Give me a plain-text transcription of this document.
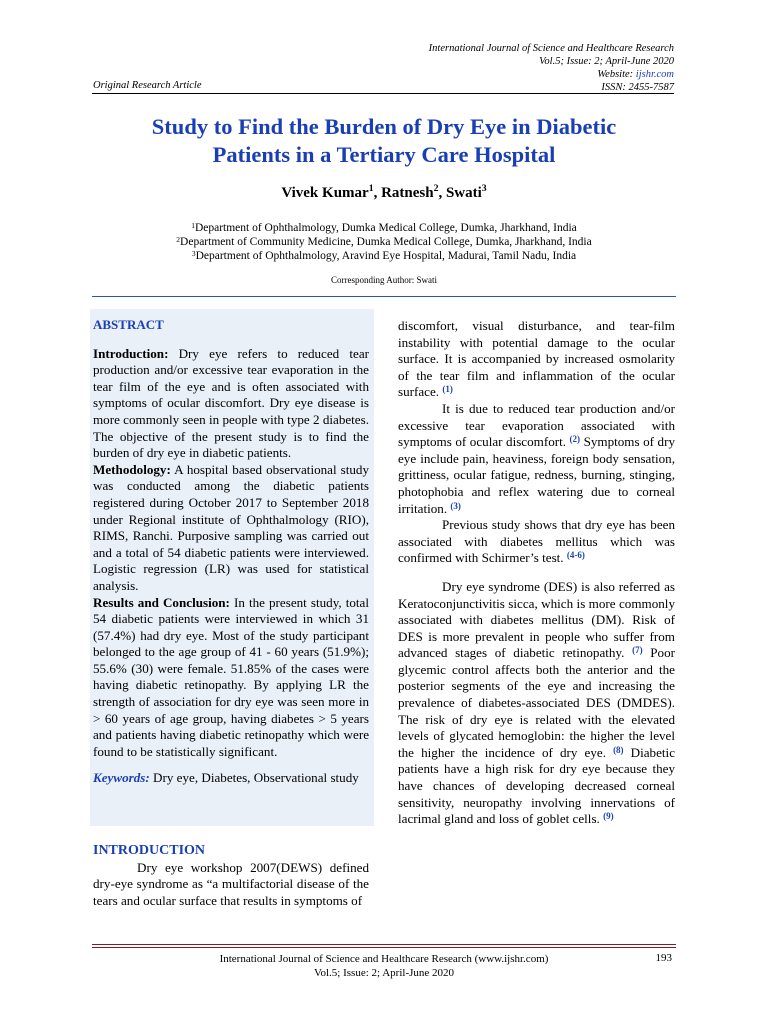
International Journal of Science and Healthcare Research
Vol.5; Issue: 2; April-June 2020
Website: ijshr.com
ISSN: 2455-7587
Original Research Article
Study to Find the Burden of Dry Eye in Diabetic
Patients in a Tertiary Care Hospital
Vivek Kumar$^1$, Ratnesh$^2$, Swati$^3$
$^1$Department of Ophthalmology, Dumka Medical College, Dumka, Jharkhand, India
$^2$Department of Community Medicine, Dumka Medical College, Dumka, Jharkhand, India
$^3$Department of Ophthalmology, Aravind Eye Hospital, Madurai, Tamil Nadu, India
Corresponding Author: Swati

ABSTRACT

Introduction: Dry eye refers to reduced tear production and/or excessive tear evaporation in the tear film of the eye and is often associated with symptoms of ocular discomfort. Dry eye disease is more commonly seen in people with type 2 diabetes. The objective of the present study is to find the burden of dry eye in diabetic patients.

Methodology: A hospital based observational study was conducted among the diabetic patients registered during October 2017 to September 2018 under Regional institute of Ophthalmology (RIO), RIMS, Ranchi. Purposive sampling was carried out and a total of 54 diabetic patients were interviewed. Logistic regression (LR) was used for statistical analysis.

Results and Conclusion: In the present study, total 54 diabetic patients were interviewed in which 31 (57.4%) had dry eye. Most of the study participant belonged to the age group of 41 - 60 years (51.9%); 55.6% (30) were female. 51.85% of the cases were having diabetic retinopathy. By applying LR the strength of association for dry eye was seen more in > 60 years of age group, having diabetes > 5 years and patients having diabetic retinopathy which were found to be statistically significant.

Keywords: Dry eye, Diabetes, Observational study

INTRODUCTION

Dry eye workshop 2007(DEWS) defined dry-eye syndrome as “a multifactorial disease of the tears and ocular surface that results in symptoms of

discomfort, visual disturbance, and tear-film instability with potential damage to the ocular surface. It is accompanied by increased osmolarity of the tear film and inflammation of the ocular surface. $^{(1)}$

It is due to reduced tear production and/or excessive tear evaporation associated with symptoms of ocular discomfort. $^{(2)}$ Symptoms of dry eye include pain, heaviness, foreign body sensation, grittiness, ocular fatigue, redness, burning, stinging, photophobia and reflex watering due to corneal irritation. $^{(3)}$

Previous study shows that dry eye has been associated with diabetes mellitus which was confirmed with Schirmer’s test. $^{(4-6)}$

Dry eye syndrome (DES) is also referred as Keratoconjunctivitis sicca, which is more commonly associated with diabetes mellitus (DM). Risk of DES is more prevalent in people who suffer from advanced stages of diabetic retinopathy. $^{(7)}$ Poor glycemic control affects both the anterior and the posterior segments of the eye and increasing the prevalence of diabetes-associated DES (DMDES). The risk of dry eye is related with the elevated levels of glycated hemoglobin: the higher the level the higher the incidence of dry eye. $^{(8)}$ Diabetic patients have a high risk for dry eye because they have chances of developing decreased corneal sensitivity, neuropathy involving innervations of lacrimal gland and loss of goblet cells. $^{(9)}$

International Journal of Science and Healthcare Research (www.ijshr.com)
Vol.5; Issue: 2; April-June 2020
193
